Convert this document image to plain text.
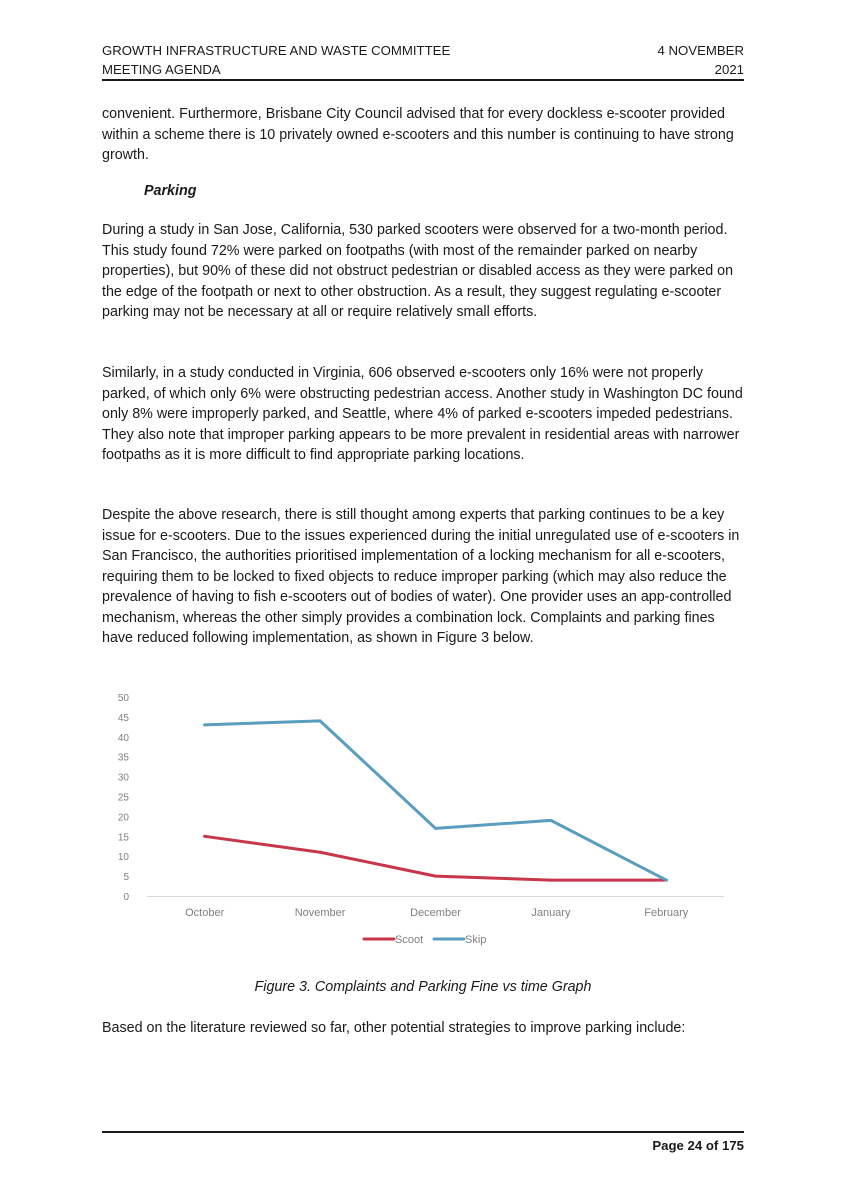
GROWTH INFRASTRUCTURE AND WASTE COMMITTEE
MEETING AGENDA
4 NOVEMBER
2021

convenient. Furthermore, Brisbane City Council advised that for every dockless e-scooter provided within a scheme there is 10 privately owned e-scooters and this number is continuing to have strong growth.

Parking

During a study in San Jose, California, 530 parked scooters were observed for a two-month period. This study found 72% were parked on footpaths (with most of the remainder parked on nearby properties), but 90% of these did not obstruct pedestrian or disabled access as they were parked on the edge of the footpath or next to other obstruction. As a result, they suggest regulating e-scooter parking may not be necessary at all or require relatively small efforts.

Similarly, in a study conducted in Virginia, 606 observed e-scooters only 16% were not properly parked, of which only 6% were obstructing pedestrian access. Another study in Washington DC found only 8% were improperly parked, and Seattle, where 4% of parked e-scooters impeded pedestrians. They also note that improper parking appears to be more prevalent in residential areas with narrower footpaths as it is more difficult to find appropriate parking locations.

Despite the above research, there is still thought among experts that parking continues to be a key issue for e-scooters. Due to the issues experienced during the initial unregulated use of e-scooters in San Francisco, the authorities prioritised implementation of a locking mechanism for all e-scooters, requiring them to be locked to fixed objects to reduce improper parking (which may also reduce the prevalence of having to fish e-scooters out of bodies of water). One provider uses an app-controlled mechanism, whereas the other simply provides a combination lock. Complaints and parking fines have reduced following implementation, as shown in Figure 3 below.

0
5
10
15
20
25
30
35
40
45
50
October	November	December	January	February
Scoot	Skip
Figure 3. Complaints and Parking Fine vs time Graph

Based on the literature reviewed so far, other potential strategies to improve parking include:

Page 24 of 175
